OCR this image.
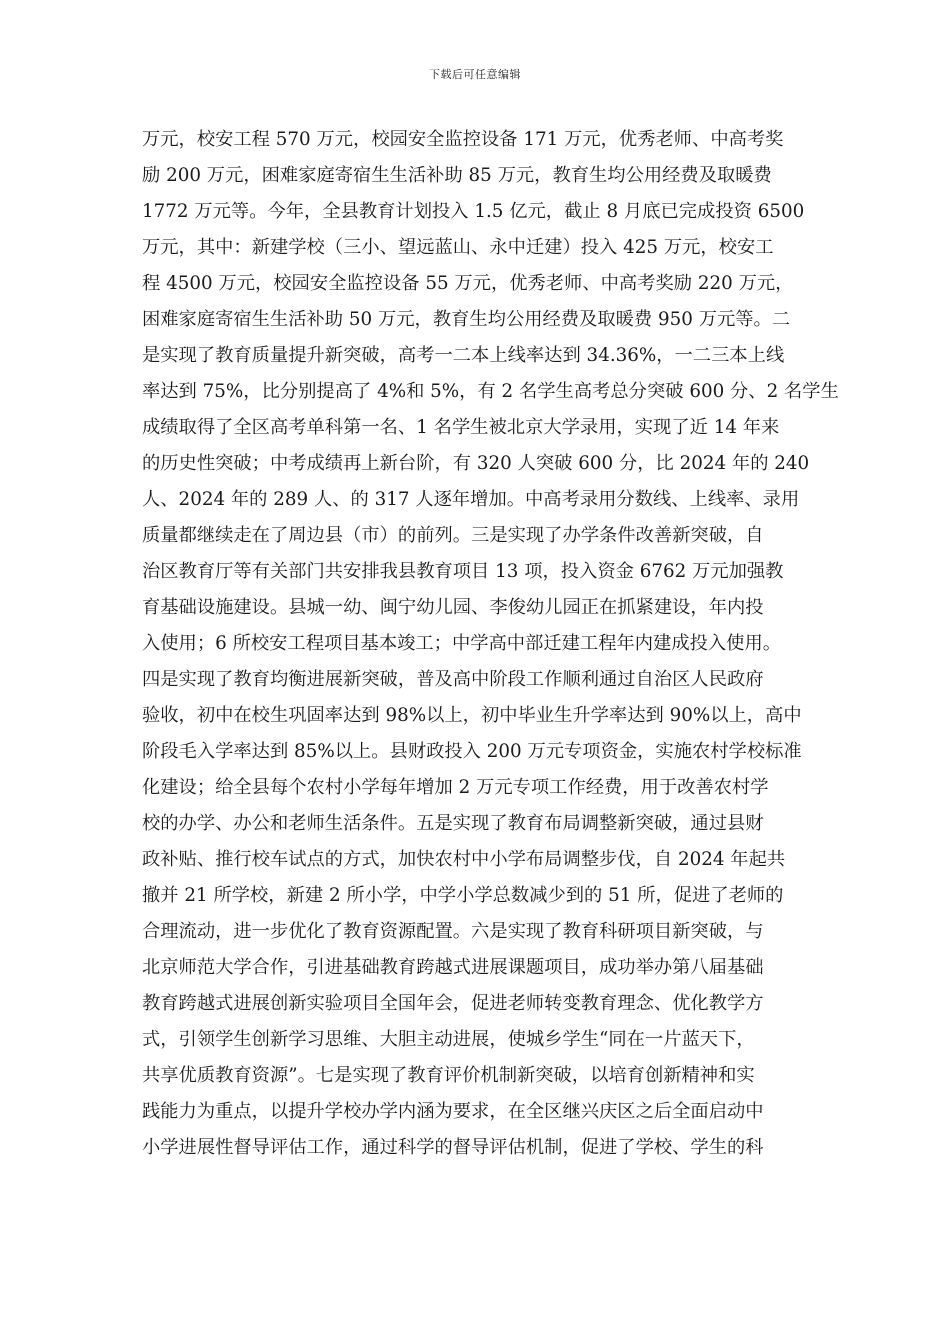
下载后可任意编辑
万元，校安工程 570 万元，校园安全监控设备 171 万元，优秀老师、中高考奖
励 200 万元，困难家庭寄宿生生活补助 85 万元，教育生均公用经费及取暖费
1772 万元等。今年，全县教育计划投入 1.5 亿元，截止 8 月底已完成投资 6500
万元，其中：新建学校（三小、望远蓝山、永中迁建）投入 425 万元，校安工
程 4500 万元，校园安全监控设备 55 万元，优秀老师、中高考奖励 220 万元，
困难家庭寄宿生生活补助 50 万元，教育生均公用经费及取暖费 950 万元等。二
是实现了教育质量提升新突破，高考一二本上线率达到 34.36%，一二三本上线
率达到 75%，比分别提高了 4%和 5%，有 2 名学生高考总分突破 600 分、2 名学生
成绩取得了全区高考单科第一名、1 名学生被北京大学录用，实现了近 14 年来
的历史性突破；中考成绩再上新台阶，有 320 人突破 600 分，比 2024 年的 240
人、2024 年的 289 人、的 317 人逐年增加。中高考录用分数线、上线率、录用
质量都继续走在了周边县（市）的前列。三是实现了办学条件改善新突破，自
治区教育厅等有关部门共安排我县教育项目 13 项，投入资金 6762 万元加强教
育基础设施建设。县城一幼、闽宁幼儿园、李俊幼儿园正在抓紧建设，年内投
入使用；6 所校安工程项目基本竣工；中学高中部迁建工程年内建成投入使用。
四是实现了教育均衡进展新突破，普及高中阶段工作顺利通过自治区人民政府
验收，初中在校生巩固率达到 98%以上，初中毕业生升学率达到 90%以上，高中
阶段毛入学率达到 85%以上。县财政投入 200 万元专项资金，实施农村学校标准
化建设；给全县每个农村小学每年增加 2 万元专项工作经费，用于改善农村学
校的办学、办公和老师生活条件。五是实现了教育布局调整新突破，通过县财
政补贴、推行校车试点的方式，加快农村中小学布局调整步伐，自 2024 年起共
撤并 21 所学校，新建 2 所小学，中学小学总数减少到的 51 所，促进了老师的
合理流动，进一步优化了教育资源配置。六是实现了教育科研项目新突破，与
北京师范大学合作，引进基础教育跨越式进展课题项目，成功举办第八届基础
教育跨越式进展创新实验项目全国年会，促进老师转变教育理念、优化教学方
式，引领学生创新学习思维、大胆主动进展，使城乡学生“同在一片蓝天下，
共享优质教育资源”。七是实现了教育评价机制新突破，以培育创新精神和实
践能力为重点，以提升学校办学内涵为要求，在全区继兴庆区之后全面启动中
小学进展性督导评估工作，通过科学的督导评估机制，促进了学校、学生的科
